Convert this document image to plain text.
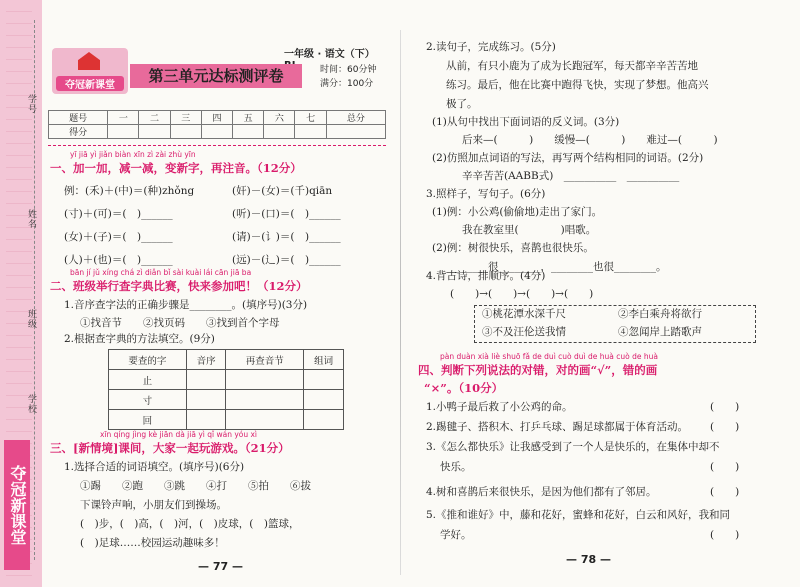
学号
姓名
班级
学校
夺冠新课堂
夺冠新课堂
一年级 · 语文（下）
第三单元达标测评卷	时间：60分钟
满分：100分
题号	一	二	三	四	五	六	七	总分
得分								
yī jiā yì jiǎn biàn xīn zì zài zhù yīn
一、加一加，减一减，变新字，再注音。（12分）
例：(禾)＋(中)＝(种)zhǒng	(奸)－(女)＝(千)qiān
(寸)＋(可)＝(　)______	(听)－(口)＝(　)______
(女)＋(子)＝(　)______	(请)－(讠)＝(　)______
(人)＋(也)＝(　)______	(远)－(辶)＝(　)______
bān jí jǔ xíng chá zì diǎn bǐ sài kuài lái cān jiā ba
二、班级举行查字典比赛，快来参加吧！（12分）
1.音序查字法的正确步骤是________。(填序号)(3分)
①找音节　　②找页码　　③找到首个字母
2.根据查字典的方法填空。(9分)
要查的字	音序	再查音节	组词
止			
寸			
回			
xīn qíng jìng kè jiān dà jiā yì qǐ wán yóu xì
三、[新情境]课间，大家一起玩游戏。（21分）
1.选择合适的词语填空。(填序号)(6分)
①踢　　②跑　　③跳　　④打　　⑤拍　　⑥拔
下课铃声响，小朋友们到操场。
(　)步，(　)高，(　)河，(　)皮球，(　)篮球，
(　)足球……校园运动趣味多！
— 77 —
2.读句子，完成练习。(5分)
从前，有只小鹿为了成为长跑冠军，每天都辛辛苦苦地
练习。最后，他在比赛中跑得飞快，实现了梦想。他高兴
极了。
(1)从句中找出下面词语的反义词。(3分)
后来—(　　　)　　缓慢—(　　　)　　难过—(　　　)
(2)仿照加点词语的写法，再写两个结构相同的词语。(2分)
辛辛苦苦(AABB式)　__________　__________
3.照样子，写句子。(6分)
(1)例：小公鸡(偷偷地)走出了家门。
我在教室里(　　　　)唱歌。
(2)例：树很快乐，喜鹊也很快乐。
________很________，________也很________。
4.背古诗，排顺序。(4分)
(　　)→(　　)→(　　)→(　　)
①桃花潭水深千尺	②李白乘舟将欲行
③不及汪伦送我情	④忽闻岸上踏歌声
pàn duàn xià liè shuō fǎ de duì cuò duì de huà cuò de huà
四、判断下列说法的对错，对的画“√”，错的画
“×”。（10分）
1.小鸭子最后救了小公鸡的命。	(　　)
2.踢毽子、搭积木、打乒乓球、踢足球都属于体育活动。 (　　)
3.《怎么都快乐》让我感受到了一个人是快乐的，在集体中却不
快乐。	(　　)
4.树和喜鹊后来很快乐，是因为他们都有了邻居。	(　　)
5.《推和谁好》中，藤和花好，蜜蜂和花好，白云和风好，我和同
学好。	(　　)
— 78 —
